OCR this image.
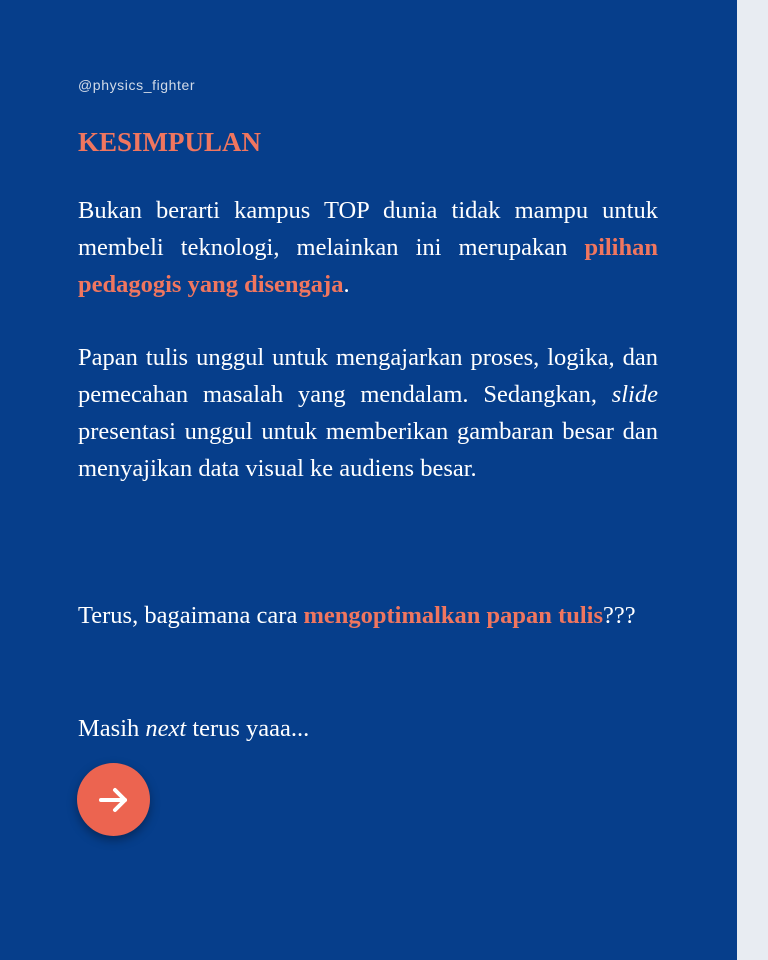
@physics_fighter
KESIMPULAN

Bukan berarti kampus TOP dunia tidak mampu untuk membeli teknologi, melainkan ini merupakan pilihan pedagogis yang disengaja.

Papan tulis unggul untuk mengajarkan proses, logika, dan pemecahan masalah yang mendalam. Sedangkan, slide presentasi unggul untuk memberikan gambaran besar dan menyajikan data visual ke audiens besar.

Terus, bagaimana cara mengoptimalkan papan tulis???

Masih next terus yaaa...
